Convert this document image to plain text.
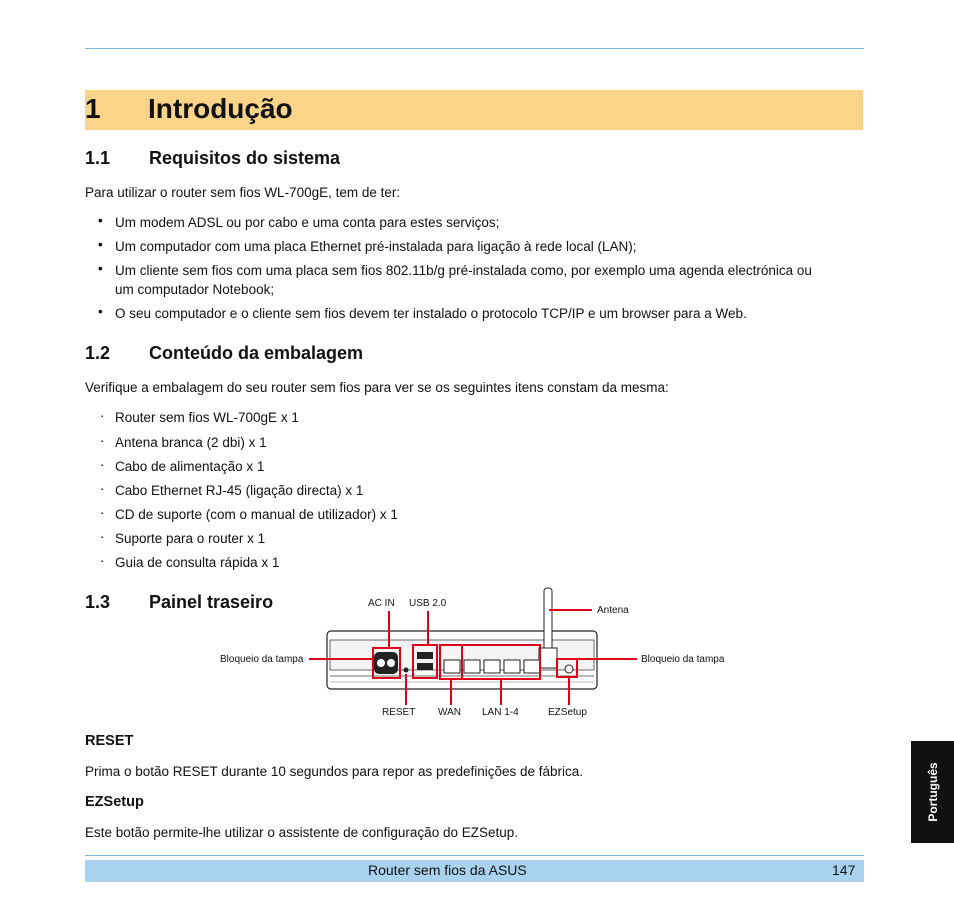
1 Introdução
1.1 Requisitos do sistema
Para utilizar o router sem fios WL-700gE, tem de ter:
• Um modem ADSL ou por cabo e uma conta para estes serviços;
• Um computador com uma placa Ethernet pré-instalada para ligação à rede local (LAN);
• Um cliente sem fios com uma placa sem fios 802.11b/g pré-instalada como, por exemplo uma agenda electrónica ou
um computador Notebook;
• O seu computador e o cliente sem fios devem ter instalado o protocolo TCP/IP e um browser para a Web.
1.2 Conteúdo da embalagem
Verifique a embalagem do seu router sem fios para ver se os seguintes itens constam da mesma:
· Router sem fios WL-700gE x 1
· Antena branca (2 dbi) x 1
· Cabo de alimentação x 1
· Cabo Ethernet RJ-45 (ligação directa) x 1
· CD de suporte (com o manual de utilizador) x 1
· Suporte para o router x 1
· Guia de consulta rápida x 1
1.3 Painel traseiro	AC IN USB 2.0
Antena
Bloqueio da tampa	Bloqueio da tampa
RESET WAN LAN 1-4	EZSetup
RESET
Prima o botão RESET durante 10 segundos para repor as predefinições de fábrica.
EZSetup
Este botão permite-lhe utilizar o assistente de configuração do EZSetup.
Português
Router sem fios da ASUS	147
